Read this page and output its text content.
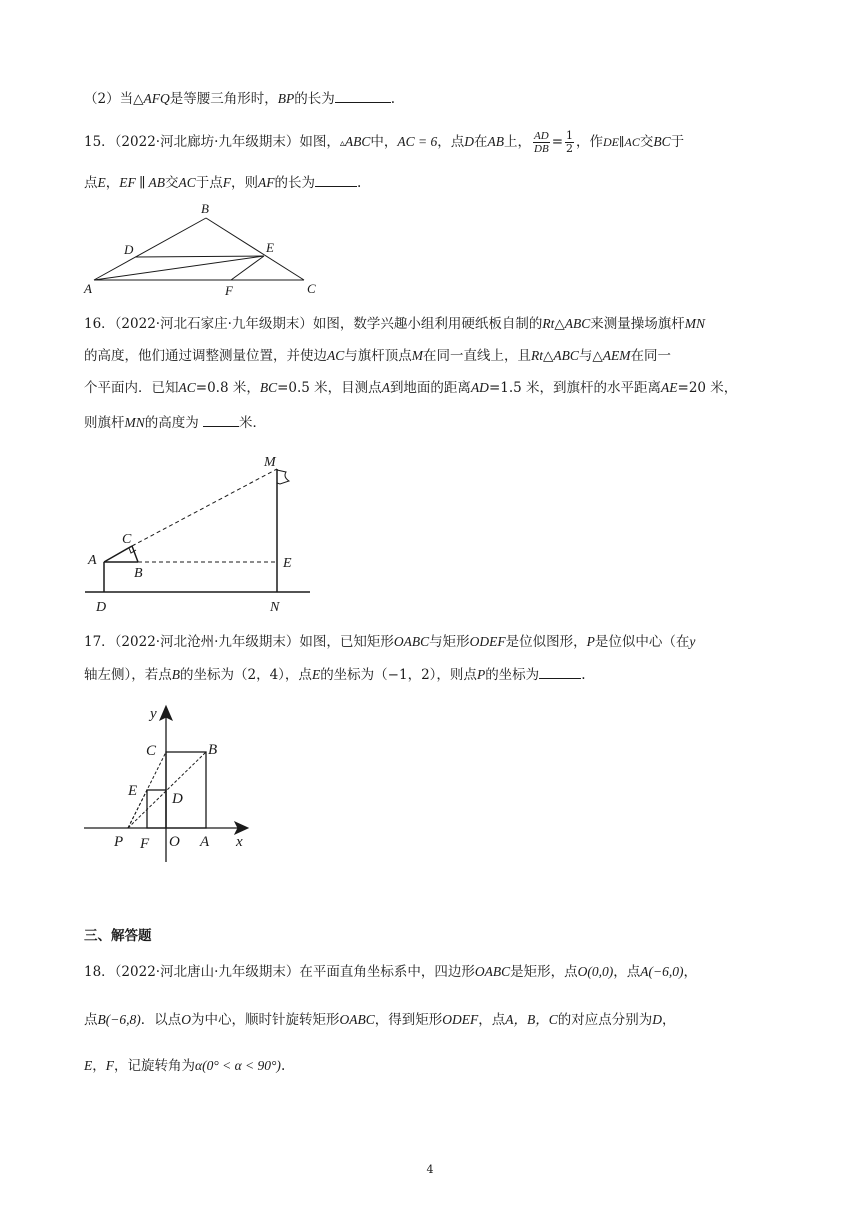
（2）当△AFQ是等腰三角形时，BP的长为	.
15．（2022·河北廊坊·九年级期末）如图，▵ABC中，AC = 6，点D在AB上， $\frac{AD}{DB} = \frac{1}{2}$ ，作DE∥AC交BC于
点E，EF ∥ AB交AC于点F，则AF的长为	.
B
D	E
A	F	C
16．（2022·河北石家庄·九年级期末）如图，数学兴趣小组利用硬纸板自制的Rt△ABC来测量操场旗杆MN
的高度，他们通过调整测量位置，并使边AC与旗杆顶点M在同一直线上，且Rt△ABC与△AEM在同一
个平面内．已知AC=0.8 米，BC=0.5 米，目测点A到地面的距离AD=1.5 米，到旗杆的水平距离AE=20 米，
则旗杆MN的高度为	米．
M
C
A
B
E
D	N
17．（2022·河北沧州·九年级期末）如图，已知矩形OABC与矩形ODEF是位似图形，P是位似中心（在y
轴左侧），若点B的坐标为（2，4），点E的坐标为（−1，2），则点P的坐标为	.
y
C	B
E D
P F O A x
三、解答题
18．（2022·河北唐山·九年级期末）在平面直角坐标系中，四边形OABC是矩形，点O(0,0)，点A(−6,0)，
点B(−6,8)．以点O为中心，顺时针旋转矩形OABC，得到矩形ODEF，点A，B，C的对应点分别为D，
E，F，记旋转角为α(0° < α < 90°).
4
